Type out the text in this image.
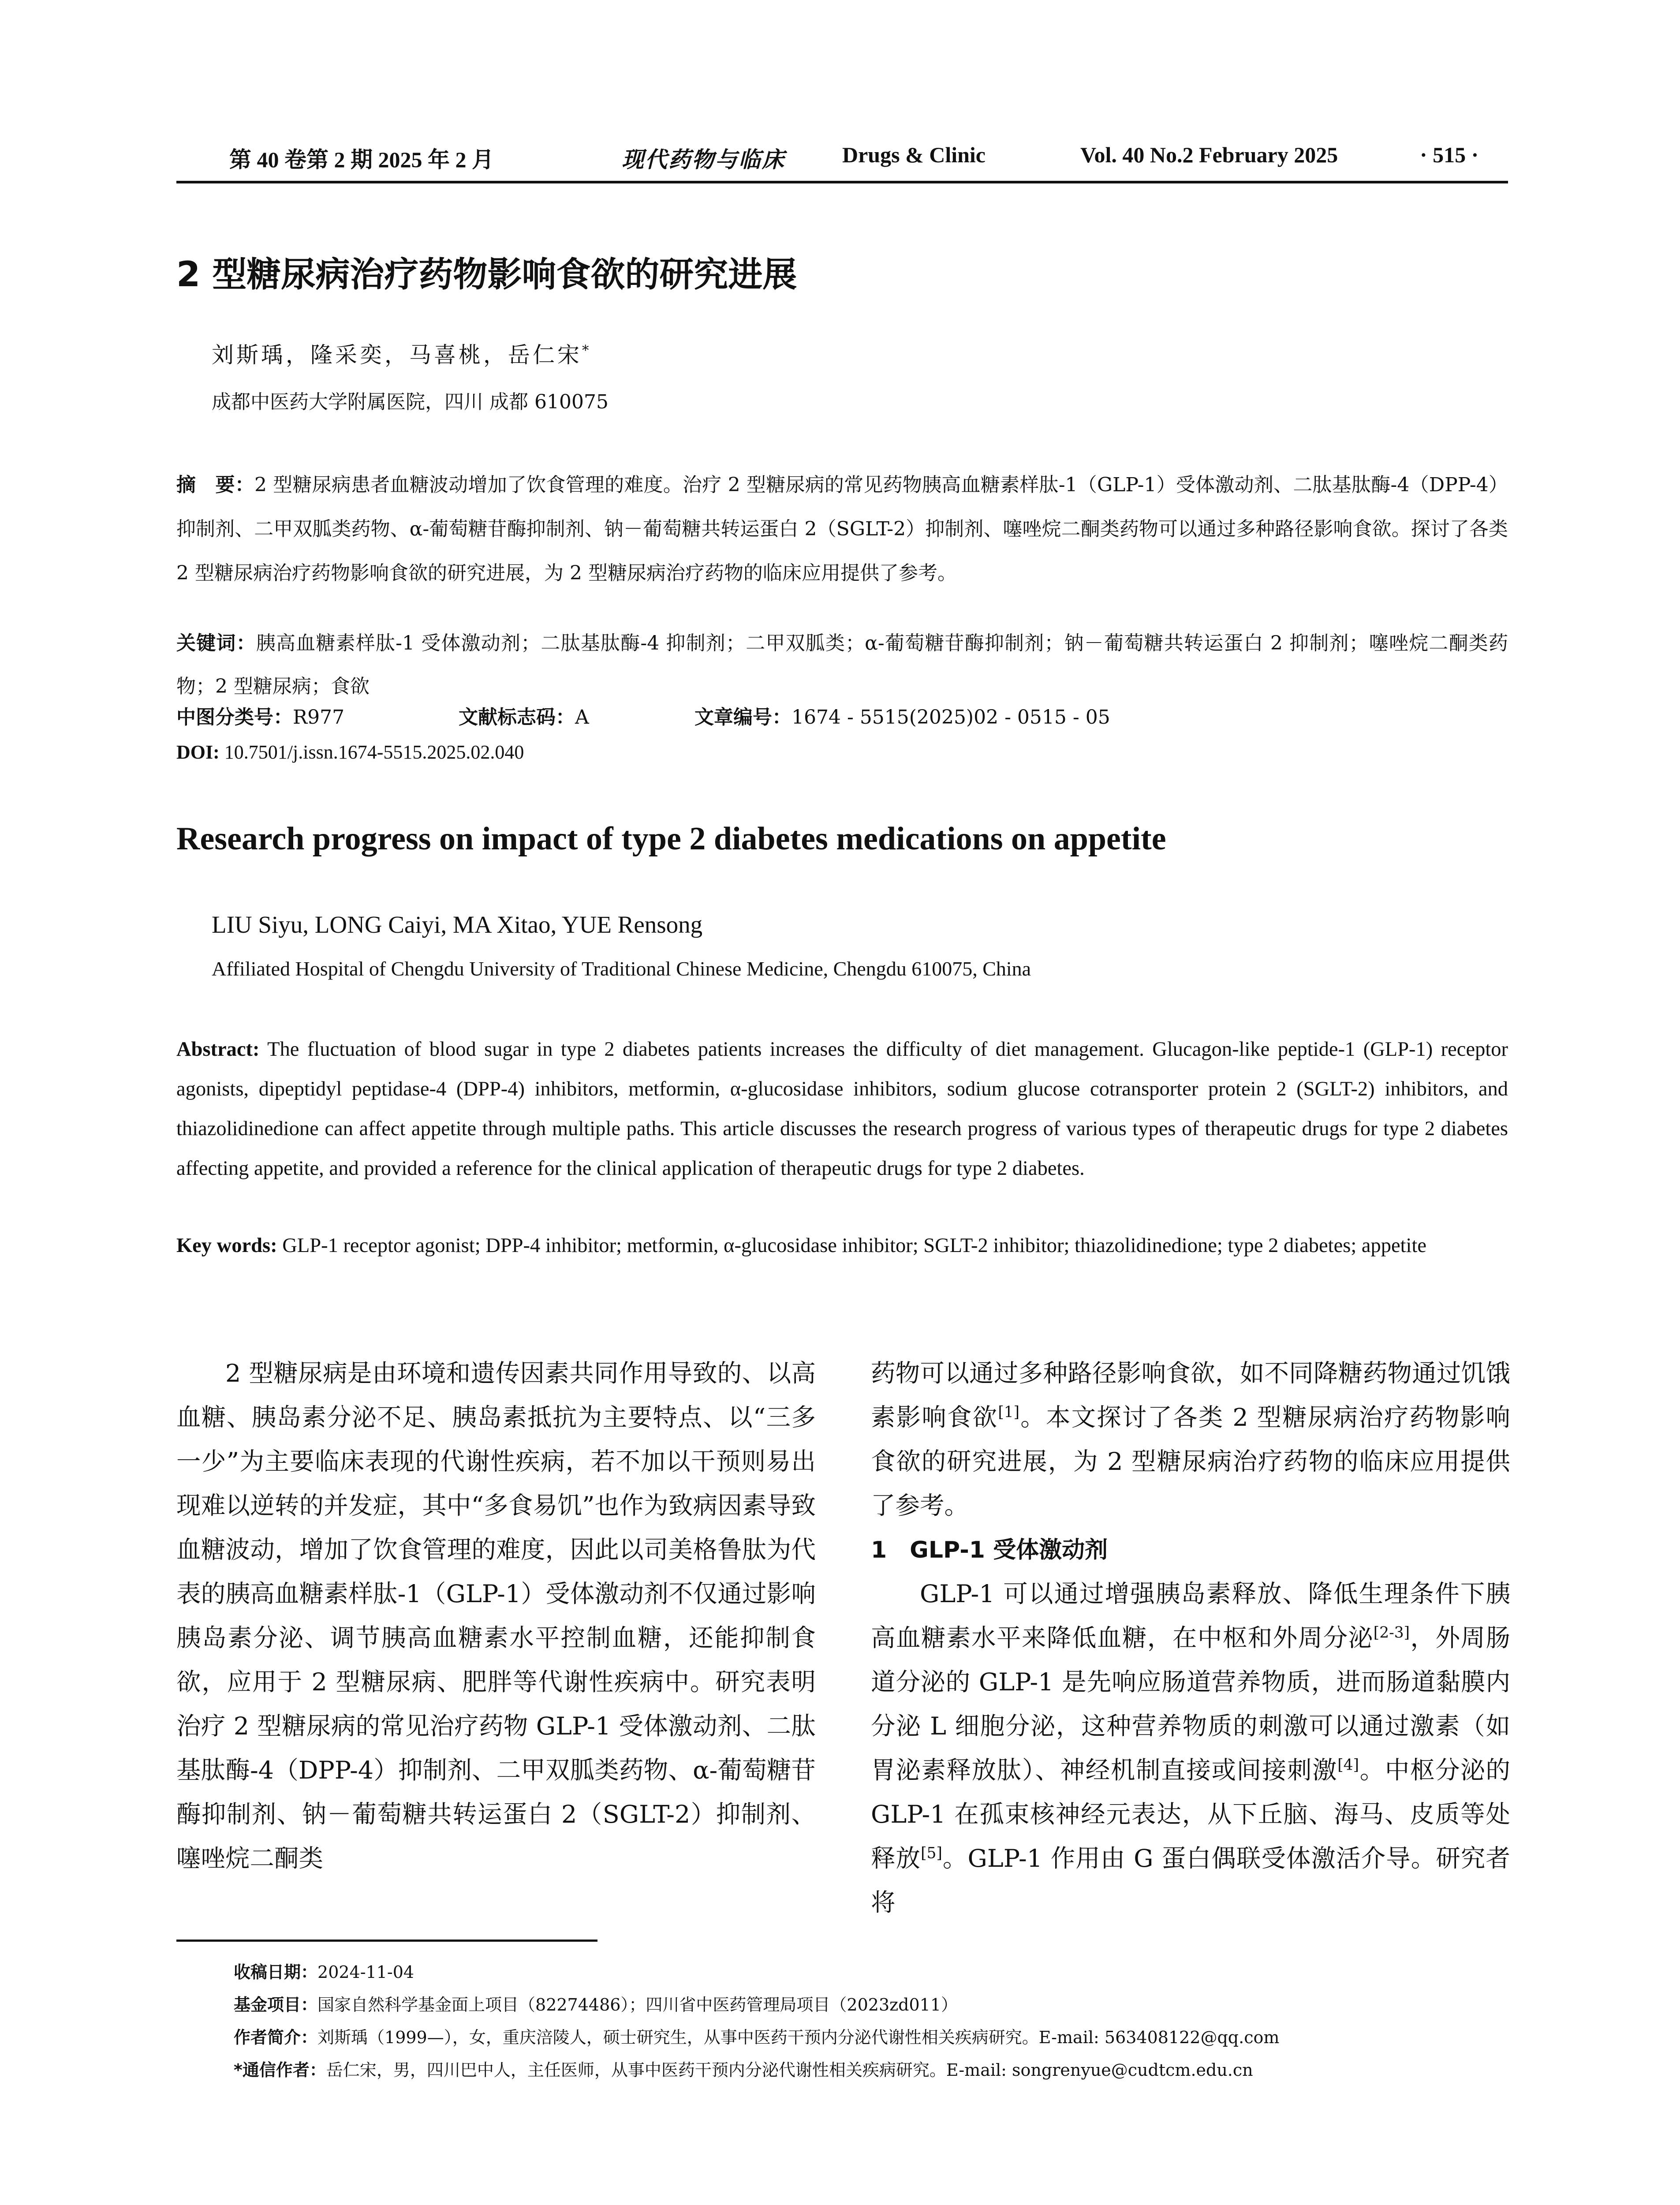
第 40 卷第 2 期 2025 年 2 月	现代药物与临床	Drugs & Clinic	Vol. 40 No.2 February 2025	· 515 ·
2 型糖尿病治疗药物影响食欲的研究进展
刘斯瑀，隆采奕，马喜桃，岳仁宋*
成都中医药大学附属医院，四川 成都 610075
摘　要：2 型糖尿病患者血糖波动增加了饮食管理的难度。治疗 2 型糖尿病的常见药物胰高血糖素样肽-1（GLP-1）受体激动剂、二肽基肽酶-4（DPP-4）抑制剂、二甲双胍类药物、α-葡萄糖苷酶抑制剂、钠－葡萄糖共转运蛋白 2（SGLT-2）抑制剂、噻唑烷二酮类药物可以通过多种路径影响食欲。探讨了各类 2 型糖尿病治疗药物影响食欲的研究进展，为 2 型糖尿病治疗药物的临床应用提供了参考。
关键词：胰高血糖素样肽-1 受体激动剂；二肽基肽酶-4 抑制剂；二甲双胍类；α-葡萄糖苷酶抑制剂；钠－葡萄糖共转运蛋白 2 抑制剂；噻唑烷二酮类药物；2 型糖尿病；食欲
中图分类号：R977	文献标志码：A	文章编号：1674 - 5515(2025)02 - 0515 - 05
DOI: 10.7501/j.issn.1674-5515.2025.02.040
Research progress on impact of type 2 diabetes medications on appetite
LIU Siyu, LONG Caiyi, MA Xitao, YUE Rensong
Affiliated Hospital of Chengdu University of Traditional Chinese Medicine, Chengdu 610075, China
Abstract: The fluctuation of blood sugar in type 2 diabetes patients increases the difficulty of diet management. Glucagon-like peptide-1 (GLP-1) receptor agonists, dipeptidyl peptidase-4 (DPP-4) inhibitors, metformin, α-glucosidase inhibitors, sodium glucose cotransporter protein 2 (SGLT-2) inhibitors, and thiazolidinedione can affect appetite through multiple paths. This article discusses the research progress of various types of therapeutic drugs for type 2 diabetes affecting appetite, and provided a reference for the clinical application of therapeutic drugs for type 2 diabetes.
Key words: GLP-1 receptor agonist; DPP-4 inhibitor; metformin, α-glucosidase inhibitor; SGLT-2 inhibitor; thiazolidinedione; type 2 diabetes; appetite

2 型糖尿病是由环境和遗传因素共同作用导致的、以高血糖、胰岛素分泌不足、胰岛素抵抗为主要特点、以“三多一少”为主要临床表现的代谢性疾病，若不加以干预则易出现难以逆转的并发症，其中“多食易饥”也作为致病因素导致血糖波动，增加了饮食管理的难度，因此以司美格鲁肽为代表的胰高血糖素样肽-1（GLP-1）受体激动剂不仅通过影响胰岛素分泌、调节胰高血糖素水平控制血糖，还能抑制食欲，应用于 2 型糖尿病、肥胖等代谢性疾病中。研究表明治疗 2 型糖尿病的常见治疗药物 GLP-1 受体激动剂、二肽基肽酶-4（DPP-4）抑制剂、二甲双胍类药物、α-葡萄糖苷酶抑制剂、钠－葡萄糖共转运蛋白 2（SGLT-2）抑制剂、噻唑烷二酮类

药物可以通过多种路径影响食欲，如不同降糖药物通过饥饿素影响食欲[1]。本文探讨了各类 2 型糖尿病治疗药物影响食欲的研究进展，为 2 型糖尿病治疗药物的临床应用提供了参考。

1　GLP-1 受体激动剂

GLP-1 可以通过增强胰岛素释放、降低生理条件下胰高血糖素水平来降低血糖，在中枢和外周分泌[2-3]，外周肠道分泌的 GLP-1 是先响应肠道营养物质，进而肠道黏膜内分泌 L 细胞分泌，这种营养物质的刺激可以通过激素（如胃泌素释放肽）、神经机制直接或间接刺激[4]。中枢分泌的 GLP-1 在孤束核神经元表达，从下丘脑、海马、皮质等处释放[5]。GLP-1 作用由 G 蛋白偶联受体激活介导。研究者将

收稿日期：2024-11-04
基金项目：国家自然科学基金面上项目（82274486）；四川省中医药管理局项目（2023zd011）
作者简介：刘斯瑀（1999—），女，重庆涪陵人，硕士研究生，从事中医药干预内分泌代谢性相关疾病研究。E-mail: 563408122@qq.com
*通信作者：岳仁宋，男，四川巴中人，主任医师，从事中医药干预内分泌代谢性相关疾病研究。E-mail: songrenyue@cudtcm.edu.cn
